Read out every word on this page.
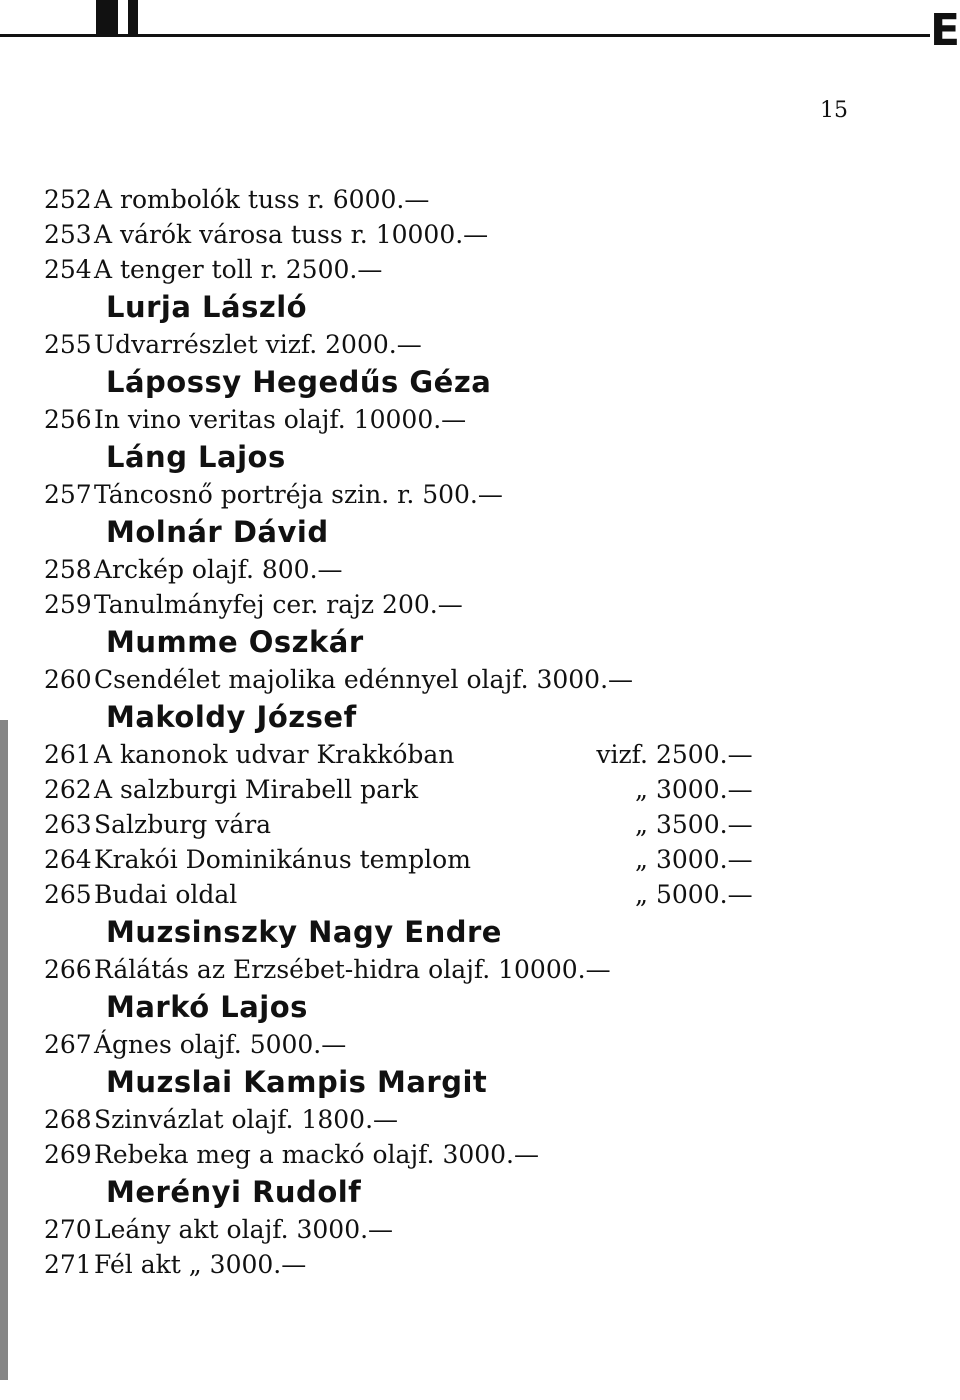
E
15
252 A rombolók tuss r. 6000.—
253 A várók városa tuss r. 10000.—
254 A tenger toll r. 2500.—
Lurja László
255 Udvarrészlet vizf. 2000.—
Lápossy Hegedűs Géza
256 In vino veritas olajf. 10000.—
Láng Lajos
257 Táncosnő portréja szin. r. 500.—
Molnár Dávid
258 Arckép olajf. 800.—
259 Tanulmányfej cer. rajz 200.—
Mumme Oszkár
260 Csendélet majolika edénnyel olajf. 3000.—
Makoldy József
261 A kanonok udvar Krakkóban	vizf. 2500.—
262 A salzburgi Mirabell park	„ 3000.—
263 Salzburg vára	„ 3500.—
264 Krakói Dominikánus templom	„ 3000.—
265 Budai oldal	„ 5000.—
Muzsinszky Nagy Endre
266 Rálátás az Erzsébet-hidra olajf. 10000.—
Markó Lajos
267 Ágnes olajf. 5000.—
Muzslai Kampis Margit
268 Szinvázlat olajf. 1800.—
269 Rebeka meg a mackó olajf. 3000.—
Merényi Rudolf
270 Leány akt olajf. 3000.—
271 Fél akt „ 3000.—
